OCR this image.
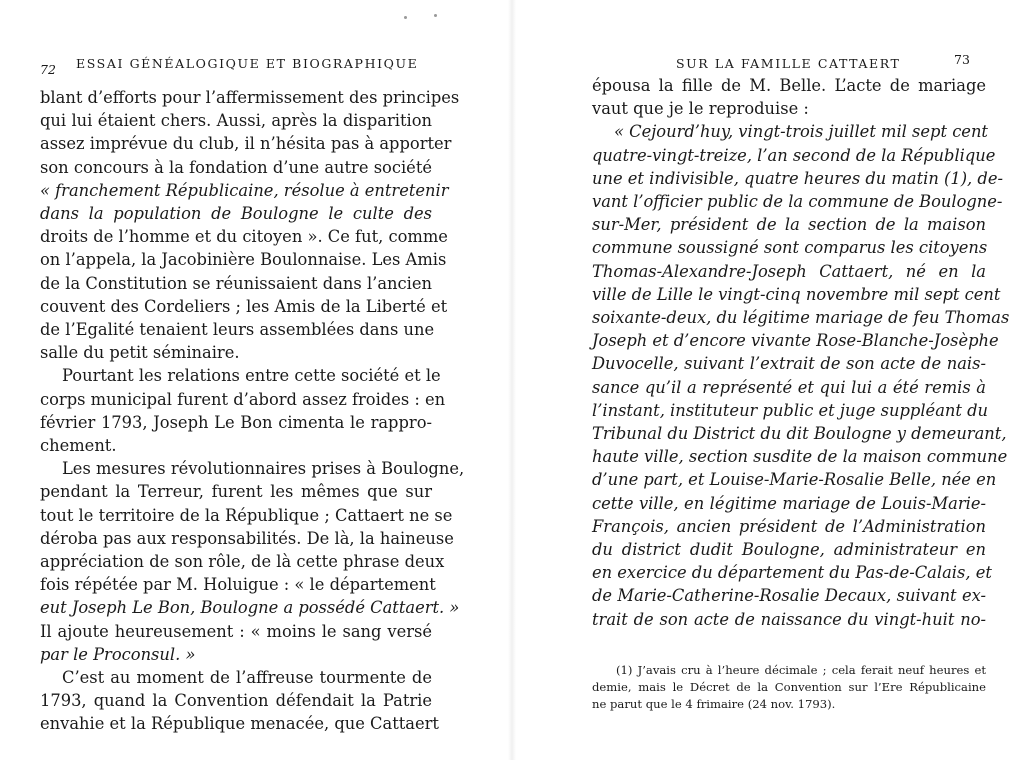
72 ESSAI GÉNÉALOGIQUE ET BIOGRAPHIQUE
blant d’efforts pour l’affermissement des principes
qui lui étaient chers. Aussi, après la disparition
assez imprévue du club, il n’hésita pas à apporter
son concours à la fondation d’une autre société
« franchement Républicaine, résolue à entretenir
dans la population de Boulogne le culte des
droits de l’homme et du citoyen ». Ce fut, comme
on l’appela, la Jacobinière Boulonnaise. Les Amis
de la Constitution se réunissaient dans l’ancien
couvent des Cordeliers ; les Amis de la Liberté et
de l’Egalité tenaient leurs assemblées dans une
salle du petit séminaire.
Pourtant les relations entre cette société et le
corps municipal furent d’abord assez froides : en
février 1793, Joseph Le Bon cimenta le rappro-
chement.
Les mesures révolutionnaires prises à Boulogne,
pendant la Terreur, furent les mêmes que sur
tout le territoire de la République ; Cattaert ne se
déroba pas aux responsabilités. De là, la haineuse
appréciation de son rôle, de là cette phrase deux
fois répétée par M. Holuigue : « le département
eut Joseph Le Bon, Boulogne a possédé Cattaert. »
Il ajoute heureusement : « moins le sang versé
par le Proconsul. »
C’est au moment de l’affreuse tourmente de
1793, quand la Convention défendait la Patrie
envahie et la République menacée, que Cattaert
SUR LA FAMILLE CATTAERT	73
épousa la fille de M. Belle. L’acte de mariage
vaut que je le reproduise :
« Cejourd’huy, vingt-trois juillet mil sept cent
quatre-vingt-treize, l’an second de la République
une et indivisible, quatre heures du matin (1), de-
vant l’officier public de la commune de Boulogne-
sur-Mer, président de la section de la maison
commune soussigné sont comparus les citoyens
Thomas-Alexandre-Joseph Cattaert, né en la
ville de Lille le vingt-cinq novembre mil sept cent
soixante-deux, du légitime mariage de feu Thomas
Joseph et d’encore vivante Rose-Blanche-Josèphe
Duvocelle, suivant l’extrait de son acte de nais-
sance qu’il a représenté et qui lui a été remis à
l’instant, instituteur public et juge suppléant du
Tribunal du District du dit Boulogne y demeurant,
haute ville, section susdite de la maison commune
d’une part, et Louise-Marie-Rosalie Belle, née en
cette ville, en légitime mariage de Louis-Marie-
François, ancien président de l’Administration
du district dudit Boulogne, administrateur en
en exercice du département du Pas-de-Calais, et
de Marie-Catherine-Rosalie Decaux, suivant ex-
trait de son acte de naissance du vingt-huit no-
(1) J’avais cru à l’heure décimale ; cela ferait neuf heures et
demie, mais le Décret de la Convention sur l’Ere Républicaine
ne parut que le 4 frimaire (24 nov. 1793).
